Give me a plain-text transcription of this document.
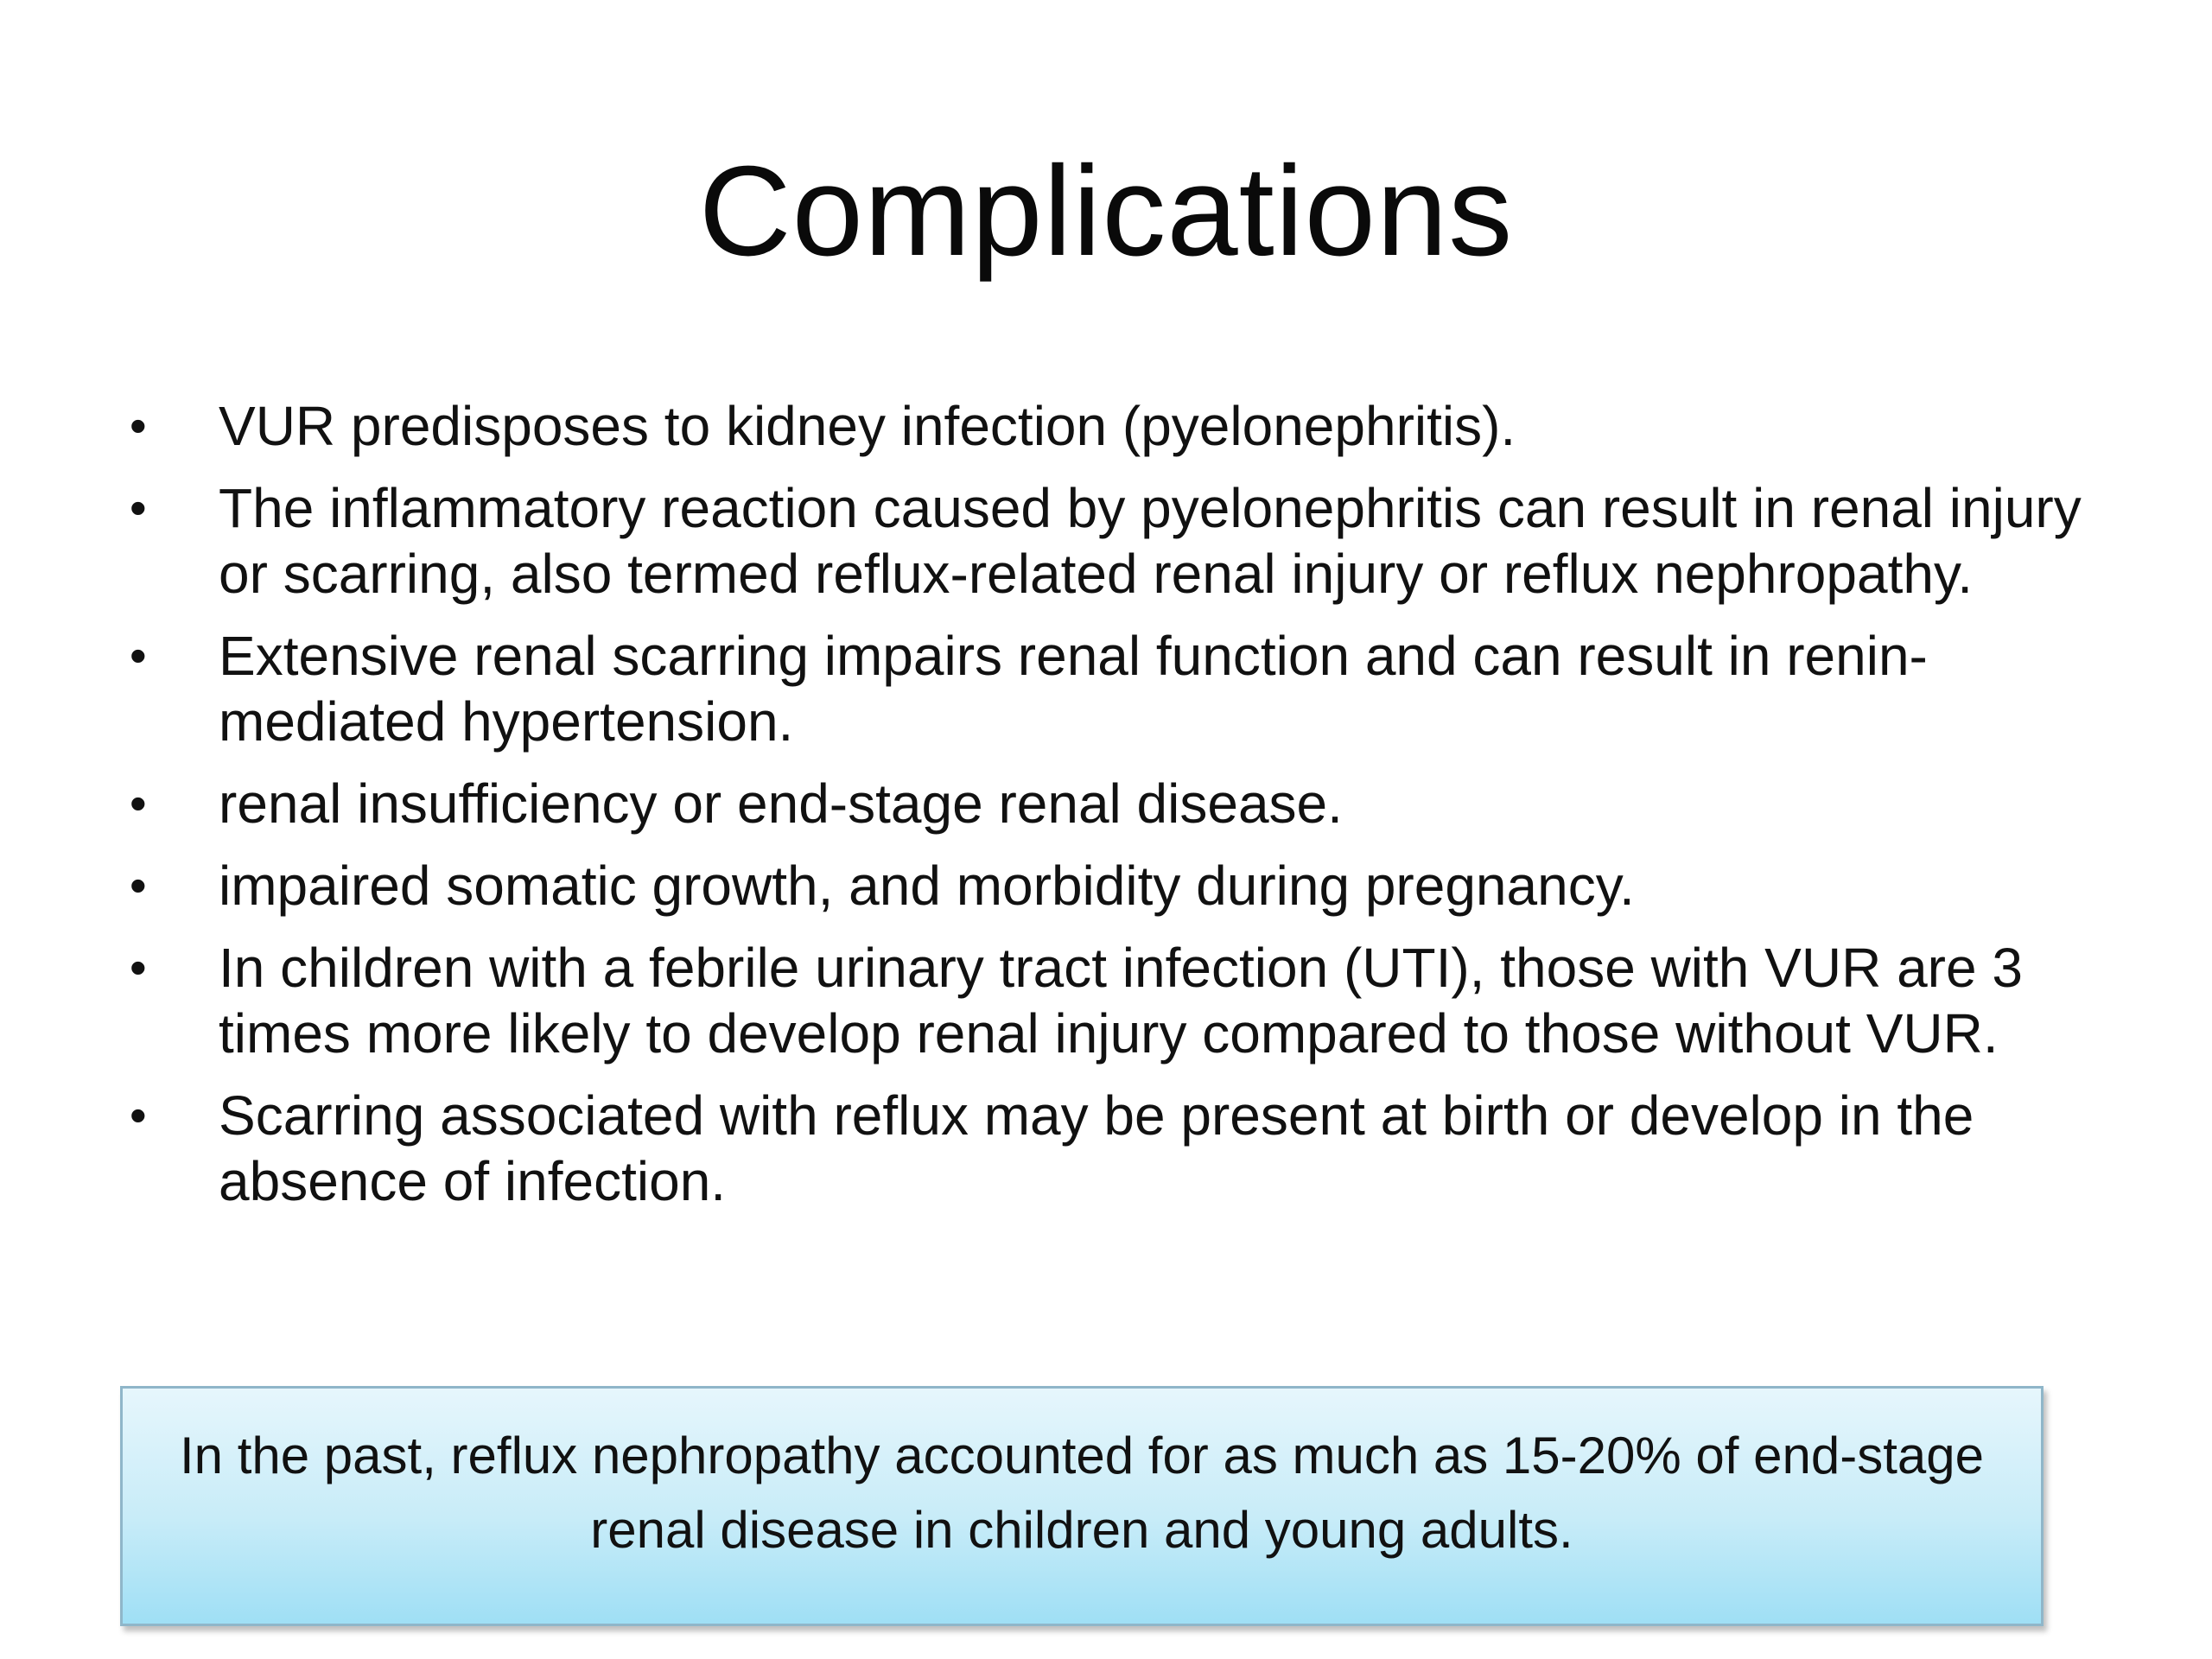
Complications
•	VUR predisposes to kidney infection (pyelonephritis).
•	The inflammatory reaction caused by pyelonephritis can result in renal injury or scarring, also termed reflux-related renal injury or reflux nephropathy.
•	Extensive renal scarring impairs renal function and can result in renin-mediated hypertension.
•	renal insufficiency or end-stage renal disease.
•	impaired somatic growth, and morbidity during pregnancy.
•	In children with a febrile urinary tract infection (UTI), those with VUR are 3 times more likely to develop renal injury compared to those without VUR.
•	Scarring associated with reflux may be present at birth or develop in the absence of infection.
In the past, reflux nephropathy accounted for as much as 15-20% of end-stage renal disease in children and young adults.
